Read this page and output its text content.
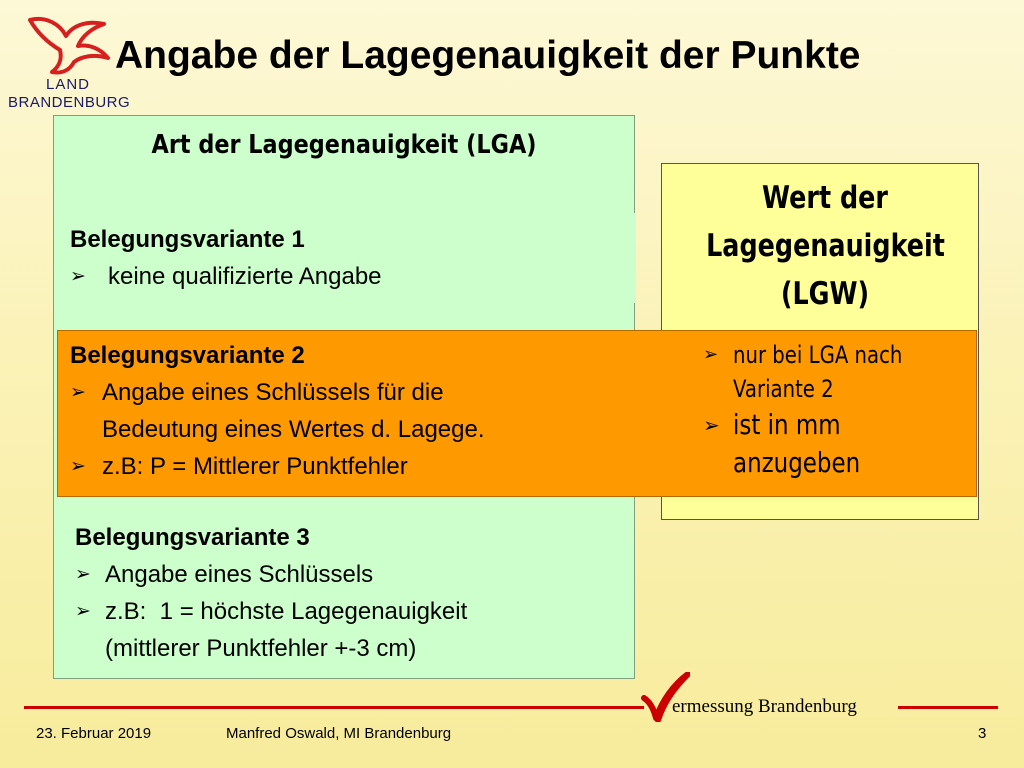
LAND
BRANDENBURG
Angabe der Lagegenauigkeit der Punkte
Art der Lagegenauigkeit (LGA)
Belegungsvariante 1
➢ keine qualifizierte Angabe
Wert der
Lagegenauigkeit
(LGW)
Belegungsvariante 2
➢ Angabe eines Schlüssels für die
Bedeutung eines Wertes d. Lagege.
➢ z.B: P = Mittlerer Punktfehler
➢ nur bei LGA nach
Variante 2
➢ ist in mm
anzugeben
Belegungsvariante 3
➢ Angabe eines Schlüssels
➢ z.B:  1 = höchste Lagegenauigkeit
(mittlerer Punktfehler +-3 cm)
ermessung Brandenburg
23. Februar 2019	Manfred Oswald, MI Brandenburg	3
